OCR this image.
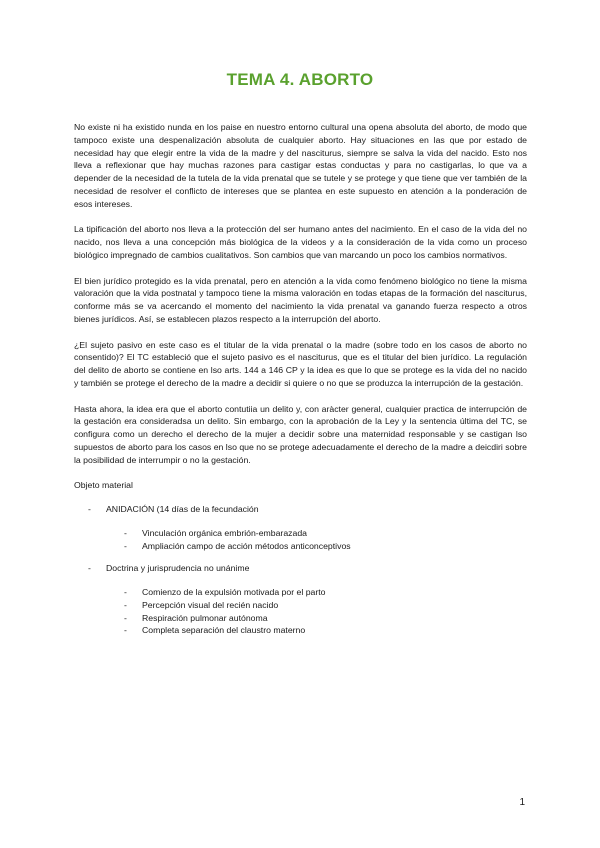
TEMA 4. ABORTO

No existe ni ha existido nunda en los paise en nuestro entorno cultural una opena absoluta del aborto, de modo que tampoco existe una despenalización absoluta de cualquier aborto. Hay situaciones en las que por estado de necesidad hay que elegir entre la vida de la madre y del nasciturus, siempre se salva la vida del nacido. Esto nos lleva a reflexionar que hay muchas razones para castigar estas conductas y para no castigarlas, lo que va a depender de la necesidad de la tutela de la vida prenatal que se tutele y se protege y que tiene que ver también de la necesidad de resolver el conflicto de intereses que se plantea en este supuesto en atención a la ponderación de esos intereses.

La tipificación del aborto nos lleva a la protección del ser humano antes del nacimiento. En el caso de la vida del no nacido, nos lleva a una concepción más biológica de la videos y a la consideración de la vida como un proceso biológico impregnado de cambios cualitativos. Son cambios que van marcando un poco los cambios normativos.

El bien jurídico protegido es la vida prenatal, pero en atención a la vida como fenómeno biológico no tiene la misma valoración que la vida postnatal y tampoco tiene la misma valoración en todas etapas de la formación del nasciturus, conforme más se va acercando el momento del nacimiento la vida prenatal va ganando fuerza respecto a otros bienes jurídicos. Así, se establecen plazos respecto a la interrupción del aborto.

¿El sujeto pasivo en este caso es el titular de la vida prenatal o la madre (sobre todo en los casos de aborto no consentido)? El TC estableció que el sujeto pasivo es el nasciturus, que es el titular del bien jurídico. La regulación del delito de aborto se contiene en lso arts. 144 a 146 CP y la idea es que lo que se protege es la vida del no nacido y también se protege el derecho de la madre a decidir si quiere o no que se produzca la interrupción de la gestación.

Hasta ahora, la idea era que el aborto contutiia un delito y, con aràcter general, cualquier practica de interrupción de la gestación era consideradsa un delito. Sin embargo, con la aprobación de la Ley y la sentencia última del TC, se configura como un derecho el derecho de la mujer a decidir sobre una maternidad responsable y se castigan lso supuestos de aborto para los casos en lso que no se protege adecuadamente el derecho de la madre a deicdiri sobre la posibilidad de interrumpir o no la gestación.

Objeto material
-	ANIDACIÓN (14 días de la fecundación
-	Vinculación orgánica embrión-embarazada
-	Ampliación campo de acción métodos anticonceptivos
-	Doctrina y jurisprudencia no unánime
-	Comienzo de la expulsión motivada por el parto
-	Percepción visual del recién nacido
-	Respiración pulmonar autónoma
-	Completa separación del claustro materno
1
